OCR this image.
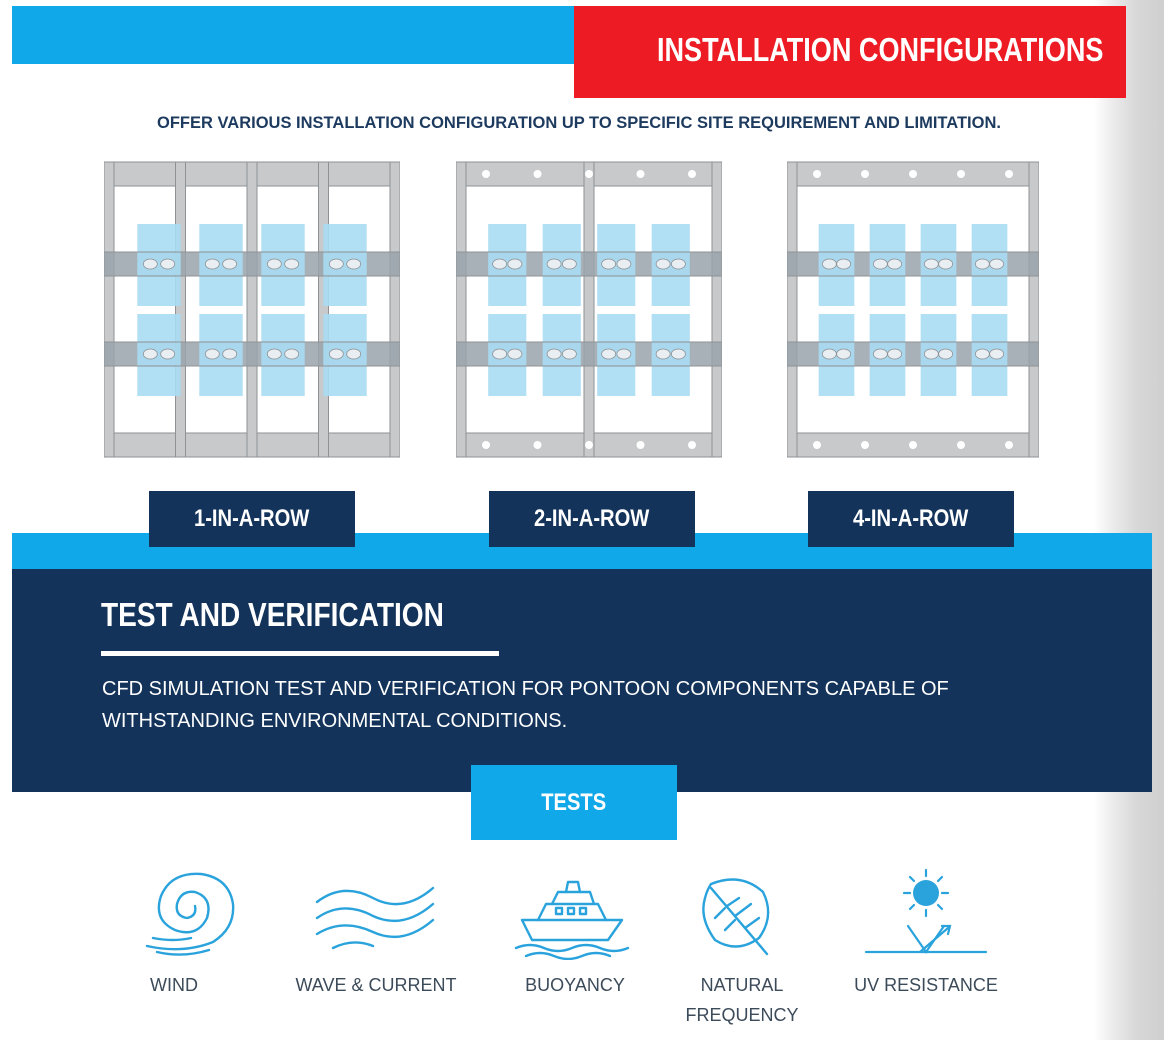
INSTALLATION CONFIGURATIONS
OFFER VARIOUS INSTALLATION CONFIGURATION UP TO SPECIFIC SITE REQUIREMENT AND LIMITATION.
1-IN-A-ROW	2-IN-A-ROW	4-IN-A-ROW
TEST AND VERIFICATION
CFD SIMULATION TEST AND VERIFICATION FOR PONTOON COMPONENTS CAPABLE OF WITHSTANDING ENVIRONMENTAL CONDITIONS.
TESTS
WIND	WAVE & CURRENT	BUOYANCY	NATURAL FREQUENCY
UV RESISTANCE
